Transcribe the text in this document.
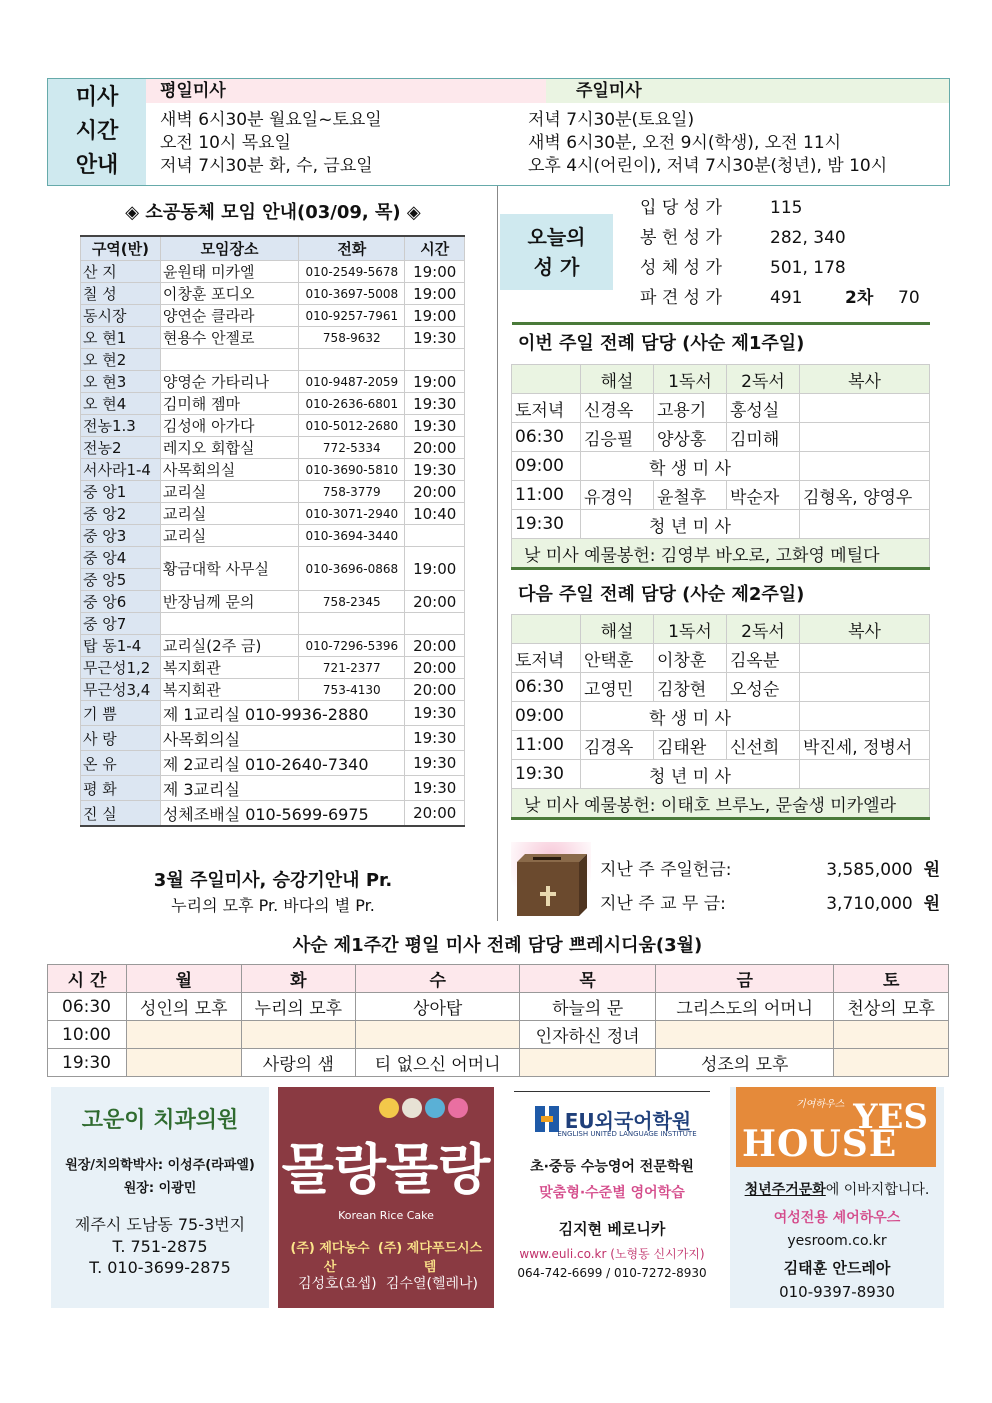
미사
시간
안내
평일미사	주일미사
새벽 6시30분 월요일~토요일
오전 10시 목요일
저녁 7시30분 화, 수, 금요일
저녁 7시30분(토요일)
새벽 6시30분, 오전 9시(학생), 오전 11시
오후 4시(어린이), 저녁 7시30분(청년), 밤 10시
◈ 소공동체 모임 안내(03/09, 목) ◈
구역(반)	모임장소	전화	시간
산 지	윤원태 미카엘	010-2549-5678	19:00
칠 성	이창훈 포디오	010-3697-5008	19:00
동시장	양연순 클라라	010-9257-7961	19:00
오 현1	현용수 안젤로	758-9632	19:30
오 현2			
오 현3	양영순 가타리나	010-9487-2059	19:00
오 현4	김미해 젬마	010-2636-6801	19:30
전농1.3	김성애 아가다	010-5012-2680	19:30
전농2	레지오 회합실	772-5334	20:00
서사라1-4	사목회의실	010-3690-5810	19:30
중 앙1	교리실	758-3779	20:00
중 앙2	교리실	010-3071-2940	10:40
중 앙3	교리실	010-3694-3440	
중 앙4	황금대학 사무실	010-3696-0868	19:00
중 앙5			
중 앙6	반장님께 문의	758-2345	20:00
중 앙7			
탑 동1-4	교리실(2주 금)	010-7296-5396	20:00
무근성1,2	복지회관	721-2377	20:00
무근성3,4	복지회관	753-4130	20:00
기 쁨	제 1교리실 010-9936-2880		19:30
사 랑	사목회의실		19:30
온 유	제 2교리실 010-2640-7340		19:30
평 화	제 3교리실		19:30
진 실	성체조배실 010-5699-6975		20:00
3월 주일미사, 승강기안내 Pr.
누리의 모후 Pr. 바다의 별 Pr.
오늘의
성 가
입 당 성 가	115
봉 헌 성 가	282, 340
성 체 성 가	501, 178
파 견 성 가	491	2차 70
이번 주일 전례 담당 (사순 제1주일)
	해설	1독서	2독서	복사
토저녁	신경옥	고용기	홍성실	
06:30	김응필	양상홍	김미해	
09:00	학 생 미 사			
11:00	유경익	윤철후	박순자	김형옥, 양영우
19:30	청 년 미 사			
낮 미사 예물봉헌: 김영부 바오로, 고화영 메틸다				
다음 주일 전례 담당 (사순 제2주일)
	해설	1독서	2독서	복사
토저녁	안택훈	이창훈	김옥분	
06:30	고영민	김창현	오성순	
09:00	학 생 미 사			
11:00	김경옥	김태완	신선희	박진세, 정병서
19:30	청 년 미 사			
낮 미사 예물봉헌: 이태호 브루노, 문술생 미카엘라				
지난 주 주일헌금:	3,585,000 원
지난 주 교 무 금:	3,710,000 원
사순 제1주간 평일 미사 전례 담당 쁘레시디움(3월)
시 간	월	화	수	목	금	토
06:30	성인의 모후	누리의 모후	상아탑	하늘의 문	그리스도의 어머니	천상의 모후
10:00				인자하신 정녀		
19:30		사랑의 샘	티 없으신 어머니		성조의 모후	
고운이 치과의원
원장/치의학박사: 이성주(라파엘)
원장: 이광민
제주시 도남동 75-3번지
T. 751-2875
T. 010-3699-2875
몰랑몰랑
Korean Rice Cake
(주) 제다농수산
(주) 제다푸드시스템
김성호(요셉) 김수열(헬레나)
EU외국어학원
ENGLISH UNITED LANGUAGE INSTITUTE
초·중등 수능영어 전문학원
맞춤형·수준별 영어학습
김지현 베로니카
www.euli.co.kr (노형동 신시가지)
064-742-6699 / 010-7272-8930
기여하우스 YES
HOUSE
청년주거문화에 이바지합니다.
여성전용 셰어하우스
yesroom.co.kr
김태훈 안드레아
010-9397-8930
